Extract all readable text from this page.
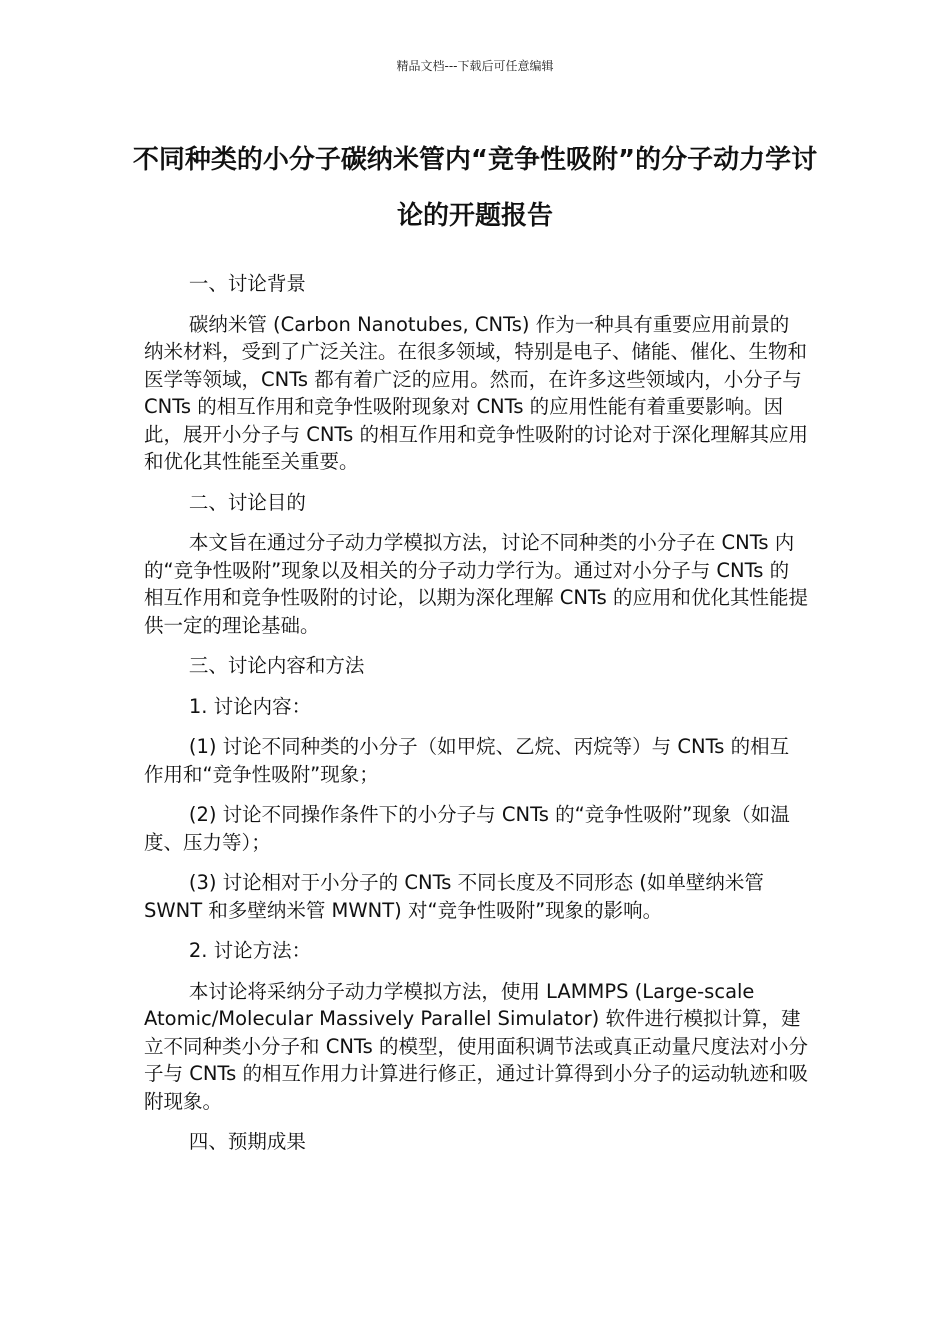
精品文档---下载后可任意编辑
不同种类的小分子碳纳米管内“竞争性吸附”的分子动力学讨论的开题报告

一、讨论背景

碳纳米管 (Carbon Nanotubes, CNTs) 作为一种具有重要应用前景的纳米材料，受到了广泛关注。在很多领域，特别是电子、储能、催化、生物和医学等领域，CNTs 都有着广泛的应用。然而，在许多这些领域内，小分子与 CNTs 的相互作用和竞争性吸附现象对 CNTs 的应用性能有着重要影响。因此，展开小分子与 CNTs 的相互作用和竞争性吸附的讨论对于深化理解其应用和优化其性能至关重要。

二、讨论目的

本文旨在通过分子动力学模拟方法，讨论不同种类的小分子在 CNTs 内的“竞争性吸附”现象以及相关的分子动力学行为。通过对小分子与 CNTs 的相互作用和竞争性吸附的讨论，以期为深化理解 CNTs 的应用和优化其性能提供一定的理论基础。

三、讨论内容和方法

1. 讨论内容：

(1) 讨论不同种类的小分子（如甲烷、乙烷、丙烷等）与 CNTs 的相互作用和“竞争性吸附”现象；

(2) 讨论不同操作条件下的小分子与 CNTs 的“竞争性吸附”现象（如温度、压力等）；

(3) 讨论相对于小分子的 CNTs 不同长度及不同形态 (如单壁纳米管 SWNT 和多壁纳米管 MWNT) 对“竞争性吸附”现象的影响。

2. 讨论方法：

本讨论将采纳分子动力学模拟方法，使用 LAMMPS (Large-scale Atomic/Molecular Massively Parallel Simulator) 软件进行模拟计算，建立不同种类小分子和 CNTs 的模型，使用面积调节法或真正动量尺度法对小分子与 CNTs 的相互作用力计算进行修正，通过计算得到小分子的运动轨迹和吸附现象。

四、预期成果
